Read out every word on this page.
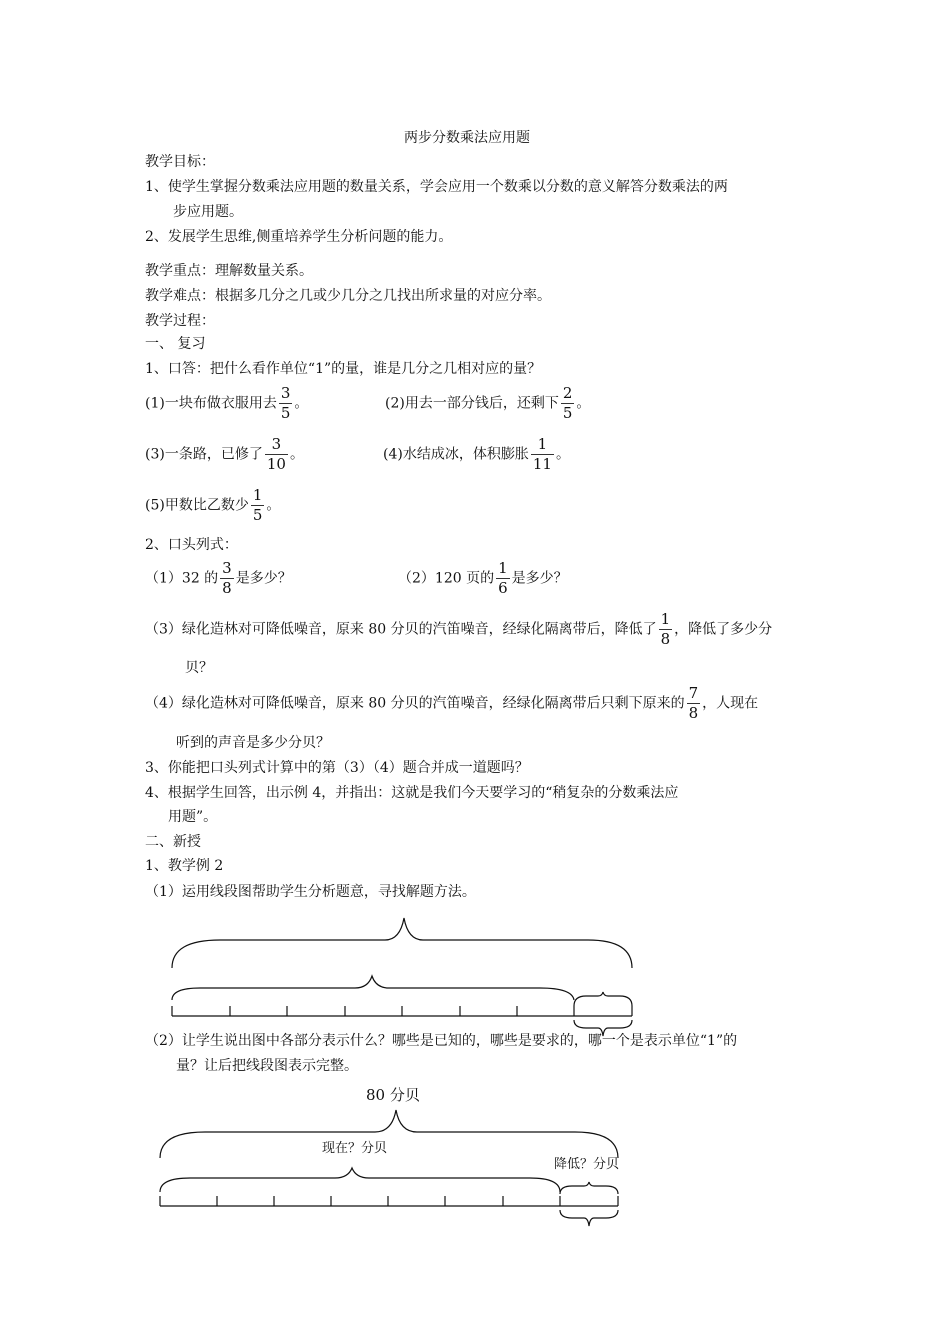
两步分数乘法应用题
教学目标：
1、使学生掌握分数乘法应用题的数量关系，学会应用一个数乘以分数的意义解答分数乘法的两
步应用题。
2、发展学生思维,侧重培养学生分析问题的能力。
教学重点：理解数量关系。
教学难点：根据多几分之几或少几分之几找出所求量的对应分率。
教学过程：
一、 复习
1、口答：把什么看作单位“1”的量，谁是几分之几相对应的量？
(1)一块布做衣服用去 $\frac{3}{5}$ 。	(2)用去一部分钱后，还剩下 $\frac{2}{5}$ 。
(3)一条路，已修了 $\frac{3}{10}$ 。	(4)水结成冰，体积膨胀 $\frac{1}{11}$ 。
(5)甲数比乙数少 $\frac{1}{5}$ 。
2、口头列式：
（1）32 的 $\frac{3}{8}$ 是多少？	（2）120 页的 $\frac{1}{6}$ 是多少？
（3）绿化造林对可降低噪音，原来 80 分贝的汽笛噪音，经绿化隔离带后，降低了 $\frac{1}{8}$ ，降低了多少分
贝？
（4）绿化造林对可降低噪音，原来 80 分贝的汽笛噪音，经绿化隔离带后只剩下原来的 $\frac{7}{8}$ ，人现在
听到的声音是多少分贝？
3、你能把口头列式计算中的第（3）（4）题合并成一道题吗？
4、根据学生回答，出示例 4，并指出：这就是我们今天要学习的“稍复杂的分数乘法应
用题”。
二、新授
1、教学例 2
（1）运用线段图帮助学生分析题意，寻找解题方法。
（2）让学生说出图中各部分表示什么？哪些是已知的，哪些是要求的，哪一个是表示单位“1”的
量？让后把线段图表示完整。
80 分贝
现在？分贝
降低？分贝
